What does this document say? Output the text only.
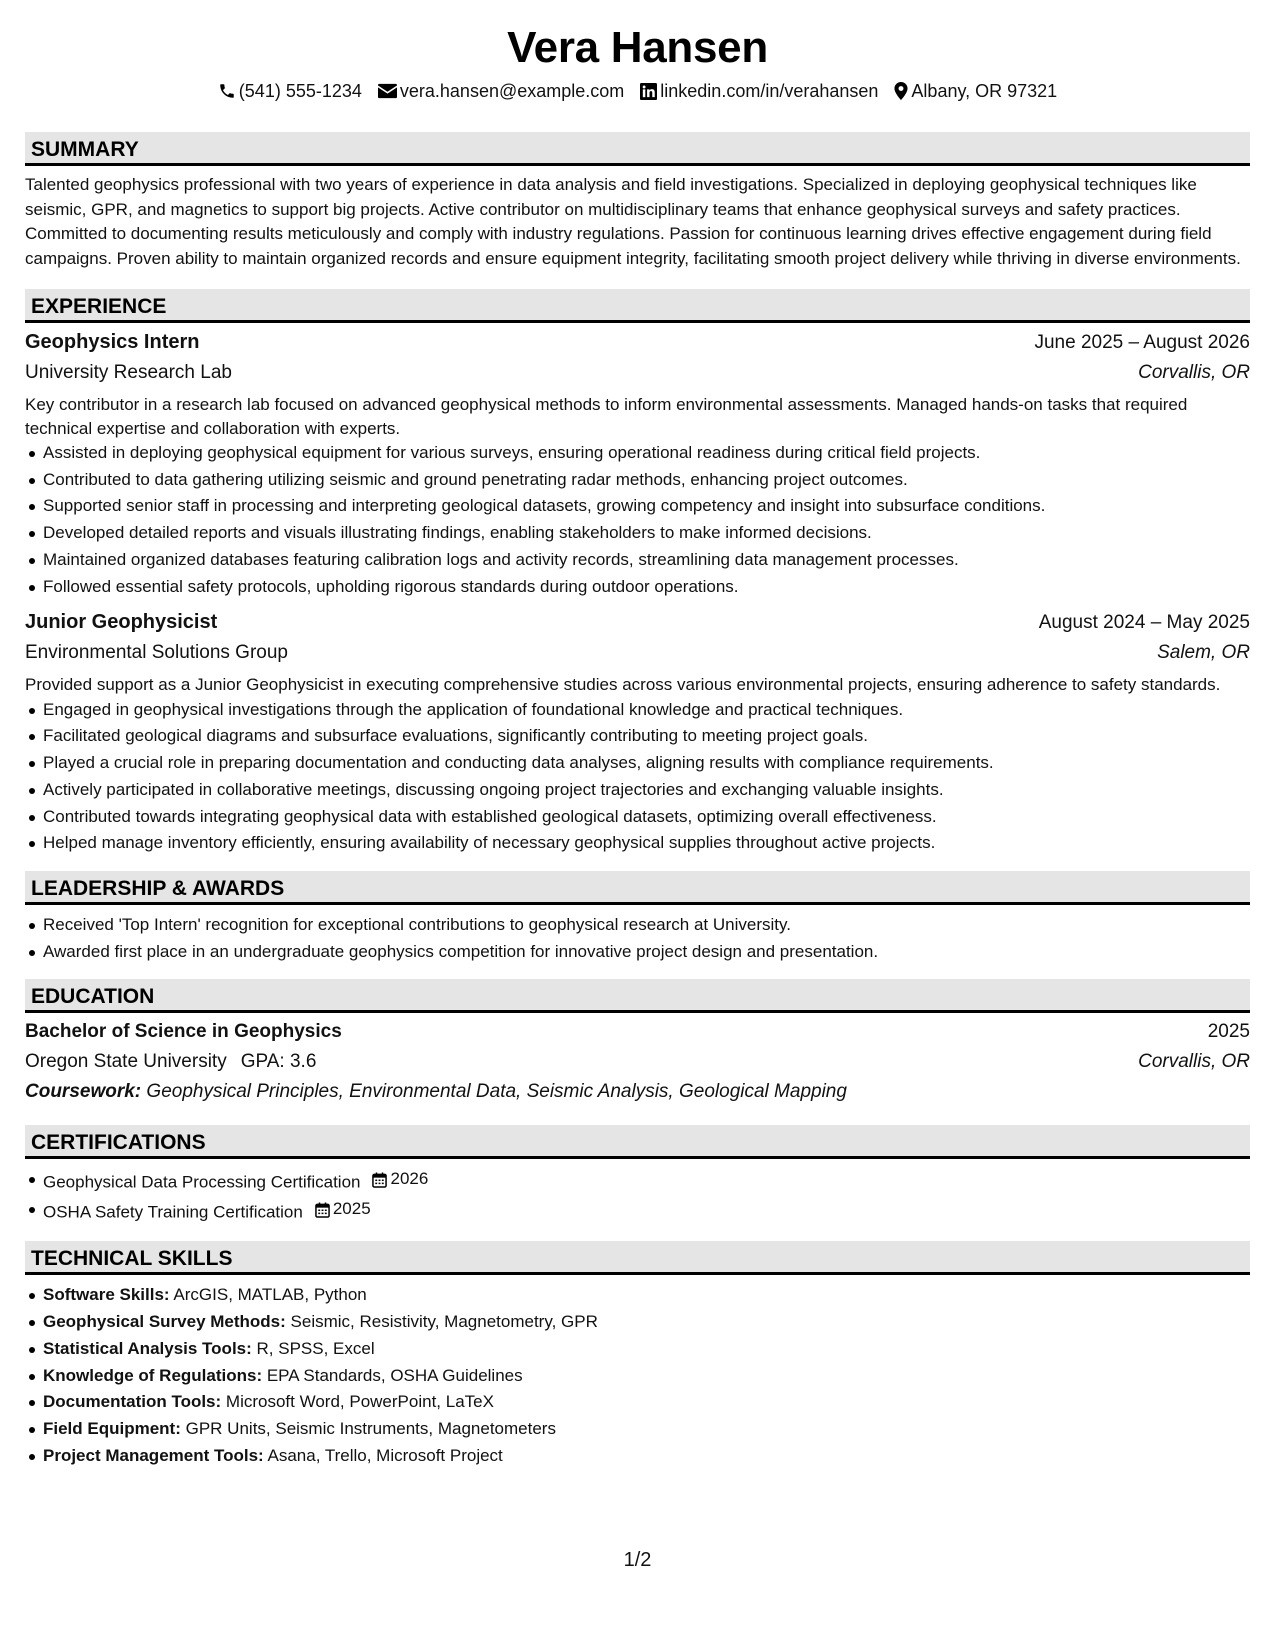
Vera Hansen
(541) 555-1234 vera.hansen@example.com linkedin.com/in/verahansen Albany, OR 97321
SUMMARY

Talented geophysics professional with two years of experience in data analysis and field investigations. Specialized in deploying geophysical techniques like seismic, GPR, and magnetics to support big projects. Active contributor on multidisciplinary teams that enhance geophysical surveys and safety practices. Committed to documenting results meticulously and comply with industry regulations. Passion for continuous learning drives effective engagement during field campaigns. Proven ability to maintain organized records and ensure equipment integrity, facilitating smooth project delivery while thriving in diverse environments.

EXPERIENCE
Geophysics Intern	June 2025 – August 2026
University Research Lab	Corvallis, OR

Key contributor in a research lab focused on advanced geophysical methods to inform environmental assessments. Managed hands-on tasks that required technical expertise and collaboration with experts.

Assisted in deploying geophysical equipment for various surveys, ensuring operational readiness during critical field projects.
Contributed to data gathering utilizing seismic and ground penetrating radar methods, enhancing project outcomes.
Supported senior staff in processing and interpreting geological datasets, growing competency and insight into subsurface conditions.
Developed detailed reports and visuals illustrating findings, enabling stakeholders to make informed decisions.
Maintained organized databases featuring calibration logs and activity records, streamlining data management processes.
Followed essential safety protocols, upholding rigorous standards during outdoor operations.
Junior Geophysicist	August 2024 – May 2025
Environmental Solutions Group	Salem, OR

Provided support as a Junior Geophysicist in executing comprehensive studies across various environmental projects, ensuring adherence to safety standards.

Engaged in geophysical investigations through the application of foundational knowledge and practical techniques.
Facilitated geological diagrams and subsurface evaluations, significantly contributing to meeting project goals.
Played a crucial role in preparing documentation and conducting data analyses, aligning results with compliance requirements.
Actively participated in collaborative meetings, discussing ongoing project trajectories and exchanging valuable insights.
Contributed towards integrating geophysical data with established geological datasets, optimizing overall effectiveness.
Helped manage inventory efficiently, ensuring availability of necessary geophysical supplies throughout active projects.
LEADERSHIP & AWARDS
Received 'Top Intern' recognition for exceptional contributions to geophysical research at University.
Awarded first place in an undergraduate geophysics competition for innovative project design and presentation.
EDUCATION
Bachelor of Science in Geophysics	2025
Oregon State University GPA: 3.6	Corvallis, OR
Coursework: Geophysical Principles, Environmental Data, Seismic Analysis, Geological Mapping
CERTIFICATIONS
Geophysical Data Processing Certification 2026
OSHA Safety Training Certification 2025
TECHNICAL SKILLS
Software Skills: ArcGIS, MATLAB, Python
Geophysical Survey Methods: Seismic, Resistivity, Magnetometry, GPR
Statistical Analysis Tools: R, SPSS, Excel
Knowledge of Regulations: EPA Standards, OSHA Guidelines
Documentation Tools: Microsoft Word, PowerPoint, LaTeX
Field Equipment: GPR Units, Seismic Instruments, Magnetometers
Project Management Tools: Asana, Trello, Microsoft Project
1/2
